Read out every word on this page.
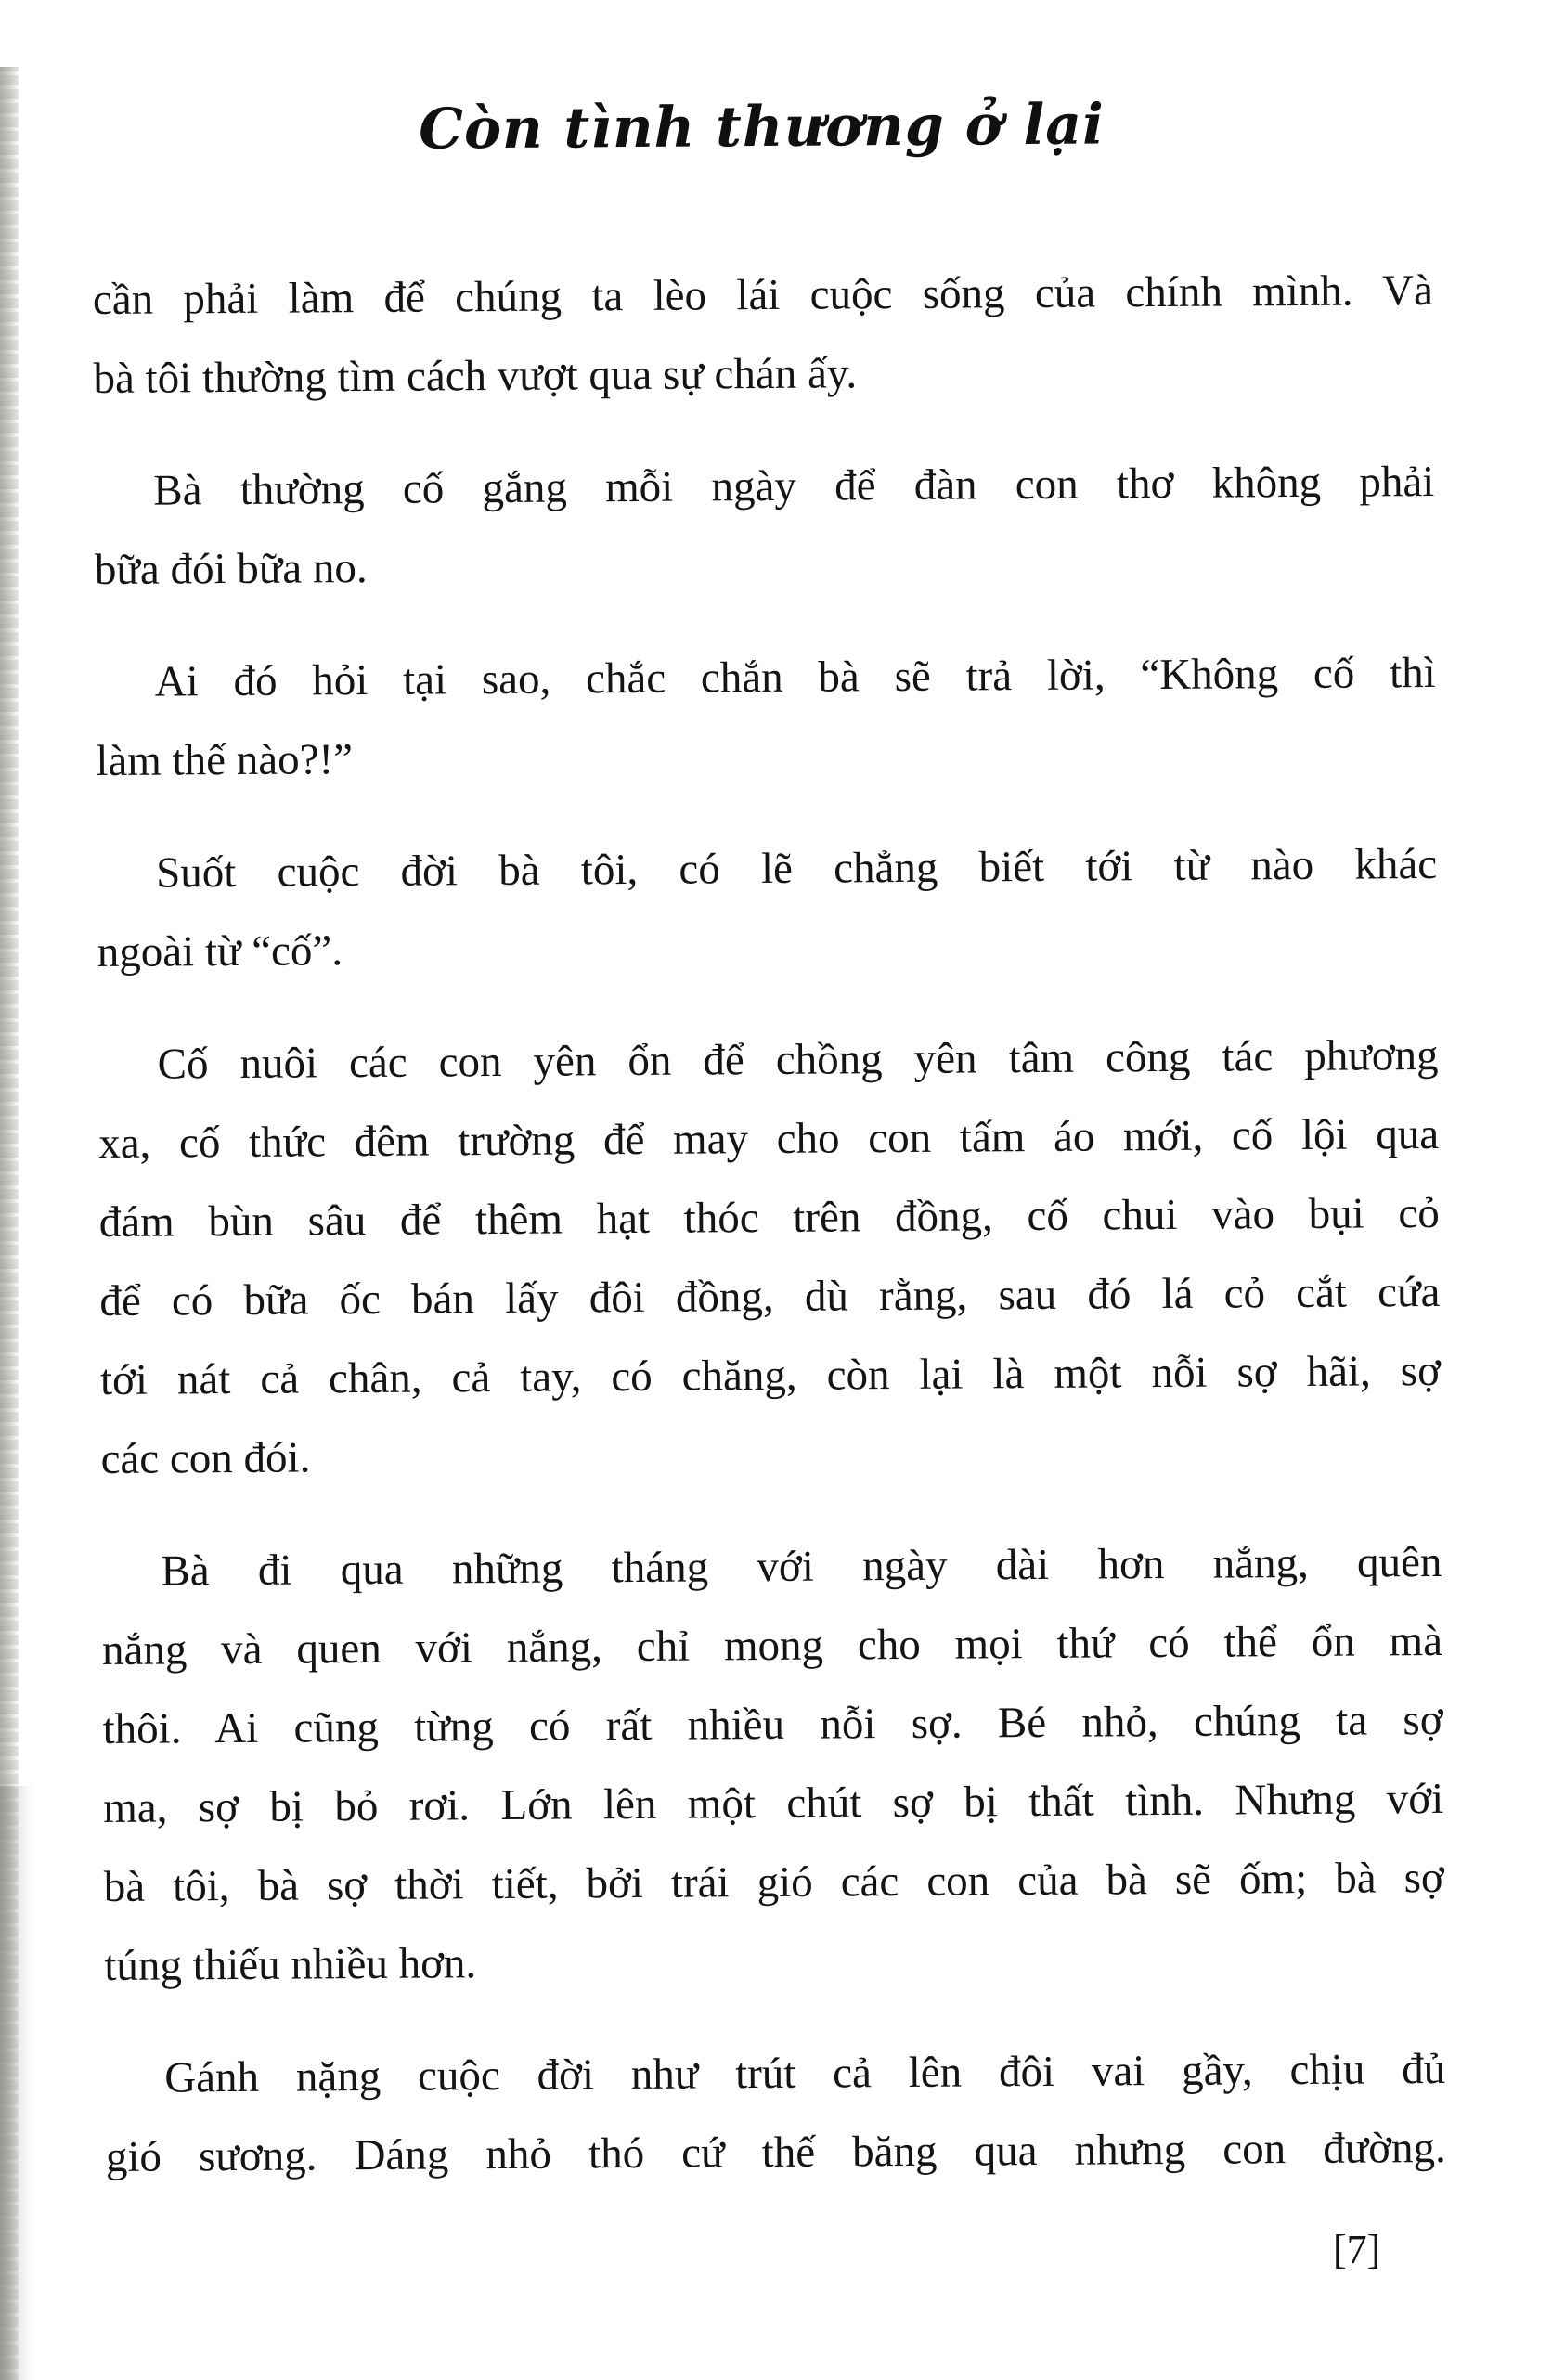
Còn tình thương ở lại
cần phải làm để chúng ta lèo lái cuộc sống của chính mình. Và
bà tôi thường tìm cách vượt qua sự chán ấy.
Bà thường cố gắng mỗi ngày để đàn con thơ không phải
bữa đói bữa no.
Ai đó hỏi tại sao, chắc chắn bà sẽ trả lời, “Không cố thì
làm thế nào?!”
Suốt cuộc đời bà tôi, có lẽ chẳng biết tới từ nào khác
ngoài từ “cố”.
Cố nuôi các con yên ổn để chồng yên tâm công tác phương
xa, cố thức đêm trường để may cho con tấm áo mới, cố lội qua
đám bùn sâu để thêm hạt thóc trên đồng, cố chui vào bụi cỏ
để có bữa ốc bán lấy đôi đồng, dù rằng, sau đó lá cỏ cắt cứa
tới nát cả chân, cả tay, có chăng, còn lại là một nỗi sợ hãi, sợ
các con đói.
Bà đi qua những tháng với ngày dài hơn nắng, quên
nắng và quen với nắng, chỉ mong cho mọi thứ có thể ổn mà
thôi. Ai cũng từng có rất nhiều nỗi sợ. Bé nhỏ, chúng ta sợ
ma, sợ bị bỏ rơi. Lớn lên một chút sợ bị thất tình. Nhưng với
bà tôi, bà sợ thời tiết, bởi trái gió các con của bà sẽ ốm; bà sợ
túng thiếu nhiều hơn.
Gánh nặng cuộc đời như trút cả lên đôi vai gầy, chịu đủ
gió sương. Dáng nhỏ thó cứ thế băng qua nhưng con đường.
[7]
